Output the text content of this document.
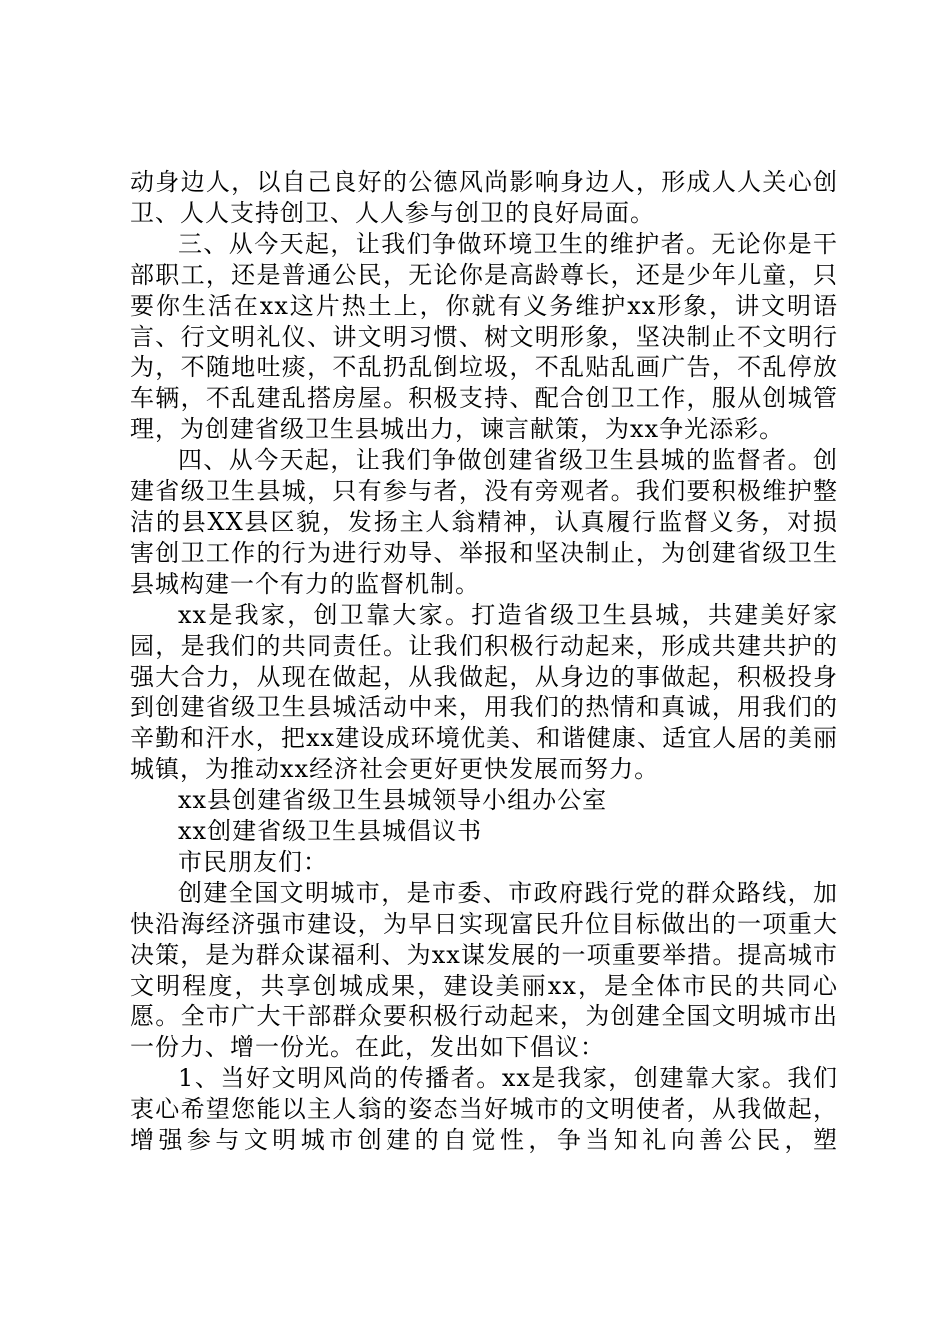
动身边人，以自己良好的公德风尚影响身边人，形成人人关心创卫、人人支持创卫、人人参与创卫的良好局面。

三、从今天起，让我们争做环境卫生的维护者。无论你是干部职工，还是普通公民，无论你是高龄尊长，还是少年儿童，只要你生活在xx这片热土上，你就有义务维护xx形象，讲文明语言、行文明礼仪、讲文明习惯、树文明形象，坚决制止不文明行为，不随地吐痰，不乱扔乱倒垃圾，不乱贴乱画广告，不乱停放车辆，不乱建乱搭房屋。积极支持、配合创卫工作，服从创城管理，为创建省级卫生县城出力，谏言献策，为xx争光添彩。

四、从今天起，让我们争做创建省级卫生县城的监督者。创建省级卫生县城，只有参与者，没有旁观者。我们要积极维护整洁的县XX县区貌，发扬主人翁精神，认真履行监督义务，对损害创卫工作的行为进行劝导、举报和坚决制止，为创建省级卫生县城构建一个有力的监督机制。

xx是我家，创卫靠大家。打造省级卫生县城，共建美好家园，是我们的共同责任。让我们积极行动起来，形成共建共护的强大合力，从现在做起，从我做起，从身边的事做起，积极投身到创建省级卫生县城活动中来，用我们的热情和真诚，用我们的辛勤和汗水，把xx建设成环境优美、和谐健康、适宜人居的美丽城镇，为推动xx经济社会更好更快发展而努力。

xx县创建省级卫生县城领导小组办公室

xx创建省级卫生县城倡议书

市民朋友们：

创建全国文明城市，是市委、市政府践行党的群众路线，加快沿海经济强市建设，为早日实现富民升位目标做出的一项重大决策，是为群众谋福利、为xx谋发展的一项重要举措。提高城市文明程度，共享创城成果，建设美丽xx，是全体市民的共同心愿。全市广大干部群众要积极行动起来，为创建全国文明城市出一份力、增一份光。在此，发出如下倡议：

1、当好文明风尚的传播者。xx是我家，创建靠大家。我们衷心希望您能以主人翁的姿态当好城市的文明使者，从我做起，增强参与文明城市创建的自觉性，争当知礼向善公民，塑
